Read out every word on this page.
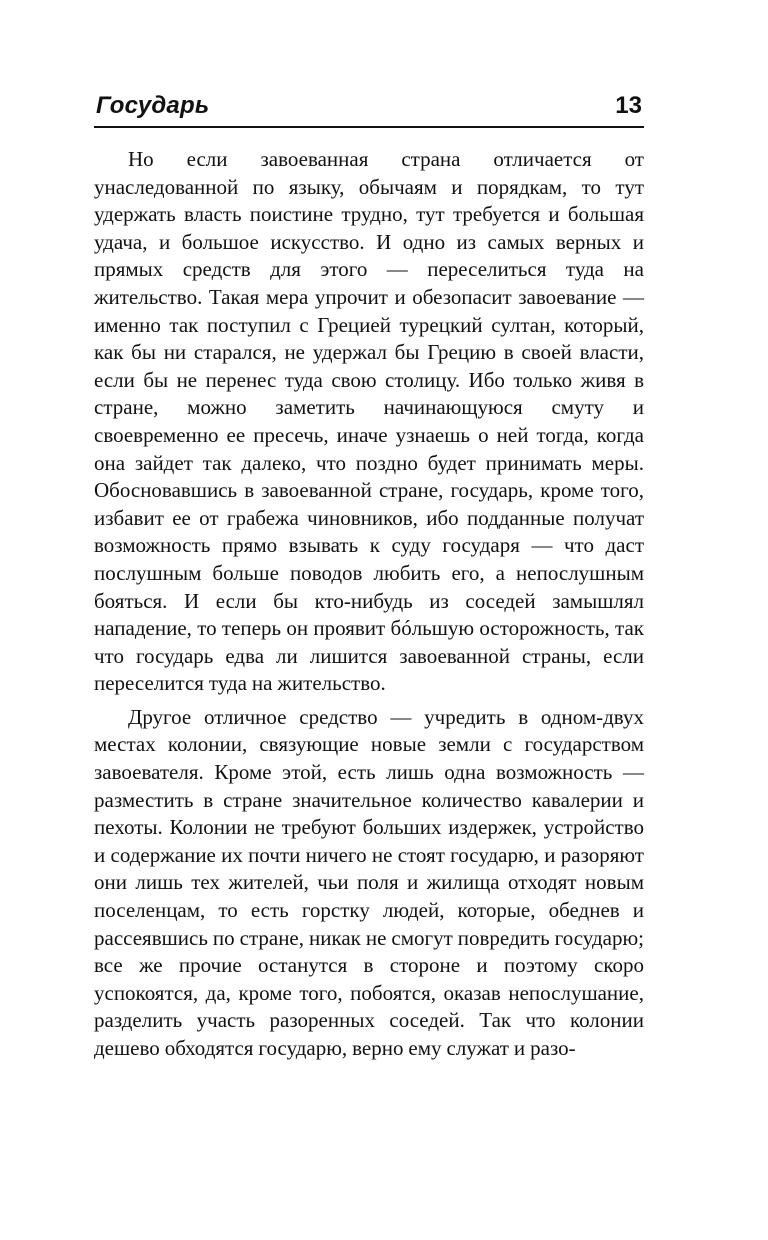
Государь	13

Но если завоеванная страна отличается от унаследованной по языку, обычаям и порядкам, то тут удержать власть поистине трудно, тут требуется и большая удача, и большое искусство. И одно из самых верных и прямых средств для этого — переселиться туда на жительство. Такая мера упрочит и обезопасит завоевание — именно так поступил с Грецией турецкий султан, который, как бы ни старался, не удержал бы Грецию в своей власти, если бы не перенес туда свою столицу. Ибо только живя в стране, можно заметить начинающуюся смуту и своевременно ее пресечь, иначе узнаешь о ней тогда, когда она зайдет так далеко, что поздно будет принимать меры. Обосновавшись в завоеванной стране, государь, кроме того, избавит ее от грабежа чиновников, ибо подданные получат возможность прямо взывать к суду государя — что даст послушным больше поводов любить его, а непослушным бояться. И если бы кто-нибудь из соседей замышлял нападение, то теперь он проявит бóльшую осторожность, так что государь едва ли лишится завоеванной страны, если переселится туда на жительство.

Другое отличное средство — учредить в одном-двух местах колонии, связующие новые земли с государством завоевателя. Кроме этой, есть лишь одна возможность — разместить в стране значительное количество кавалерии и пехоты. Колонии не требуют больших издержек, устройство и содержание их почти ничего не стоят государю, и разоряют они лишь тех жителей, чьи поля и жилища отходят новым поселенцам, то есть горстку людей, которые, обеднев и рассеявшись по стране, никак не смогут повредить государю; все же прочие останутся в стороне и поэтому скоро успокоятся, да, кроме того, побоятся, оказав непослушание, разделить участь разоренных соседей. Так что колонии дешево обходятся государю, верно ему служат и разо-
